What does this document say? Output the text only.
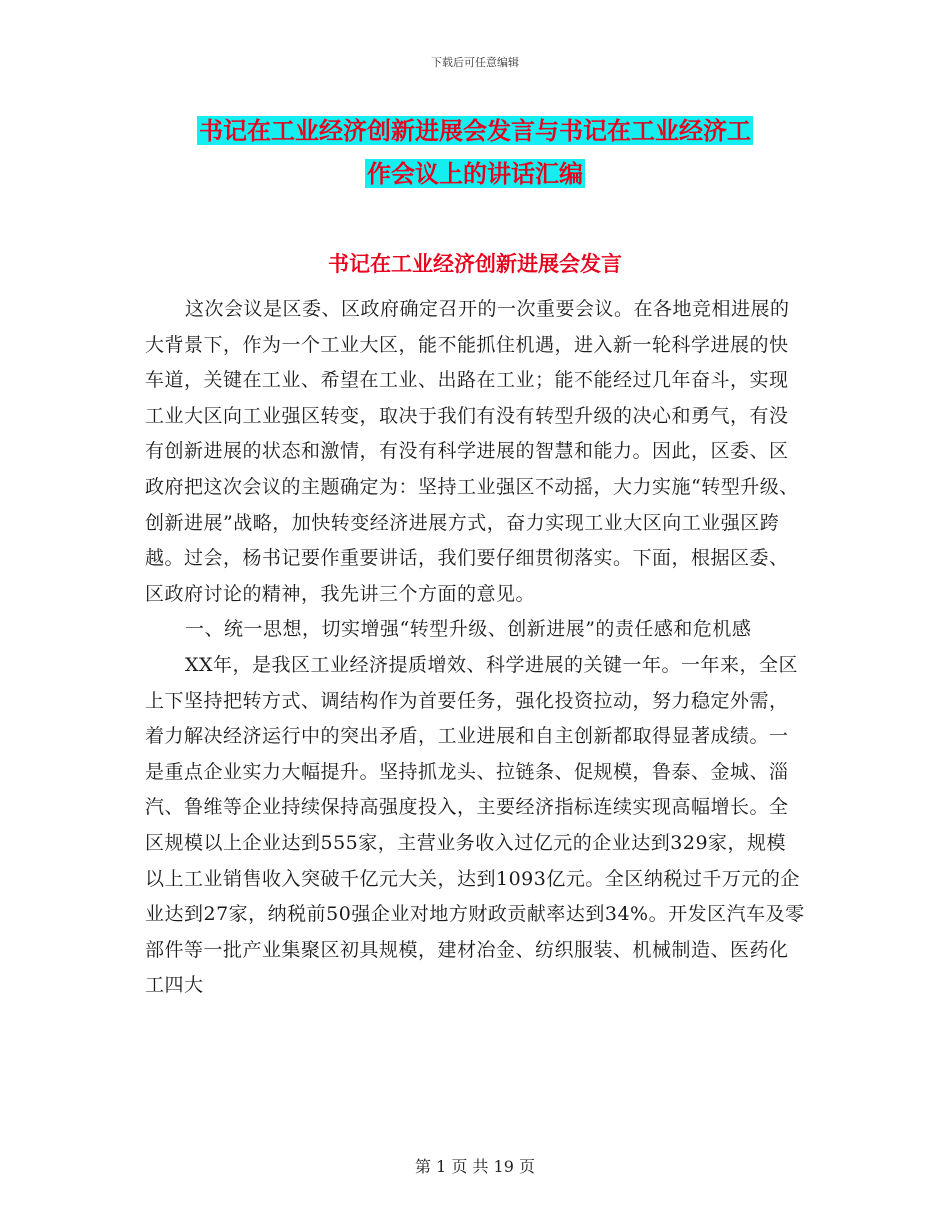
下载后可任意编辑
书记在工业经济创新进展会发言与书记在工业经济工
作会议上的讲话汇编
书记在工业经济创新进展会发言

这次会议是区委、区政府确定召开的一次重要会议。在各地竞相进展的大背景下，作为一个工业大区，能不能抓住机遇，进入新一轮科学进展的快车道，关键在工业、希望在工业、出路在工业；能不能经过几年奋斗，实现工业大区向工业强区转变，取决于我们有没有转型升级的决心和勇气，有没有创新进展的状态和激情，有没有科学进展的智慧和能力。因此，区委、区政府把这次会议的主题确定为：坚持工业强区不动摇，大力实施“转型升级、创新进展”战略，加快转变经济进展方式，奋力实现工业大区向工业强区跨越。过会，杨书记要作重要讲话，我们要仔细贯彻落实。下面，根据区委、区政府讨论的精神，我先讲三个方面的意见。

一、统一思想，切实增强“转型升级、创新进展”的责任感和危机感

XX年，是我区工业经济提质增效、科学进展的关键一年。一年来，全区上下坚持把转方式、调结构作为首要任务，强化投资拉动，努力稳定外需，着力解决经济运行中的突出矛盾，工业进展和自主创新都取得显著成绩。一是重点企业实力大幅提升。坚持抓龙头、拉链条、促规模，鲁泰、金城、淄汽、鲁维等企业持续保持高强度投入，主要经济指标连续实现高幅增长。全区规模以上企业达到555家，主营业务收入过亿元的企业达到329家，规模以上工业销售收入突破千亿元大关，达到1093亿元。全区纳税过千万元的企业达到27家，纳税前50强企业对地方财政贡献率达到34%。开发区汽车及零部件等一批产业集聚区初具规模，建材冶金、纺织服装、机械制造、医药化工四大

第 1 页 共 19 页
